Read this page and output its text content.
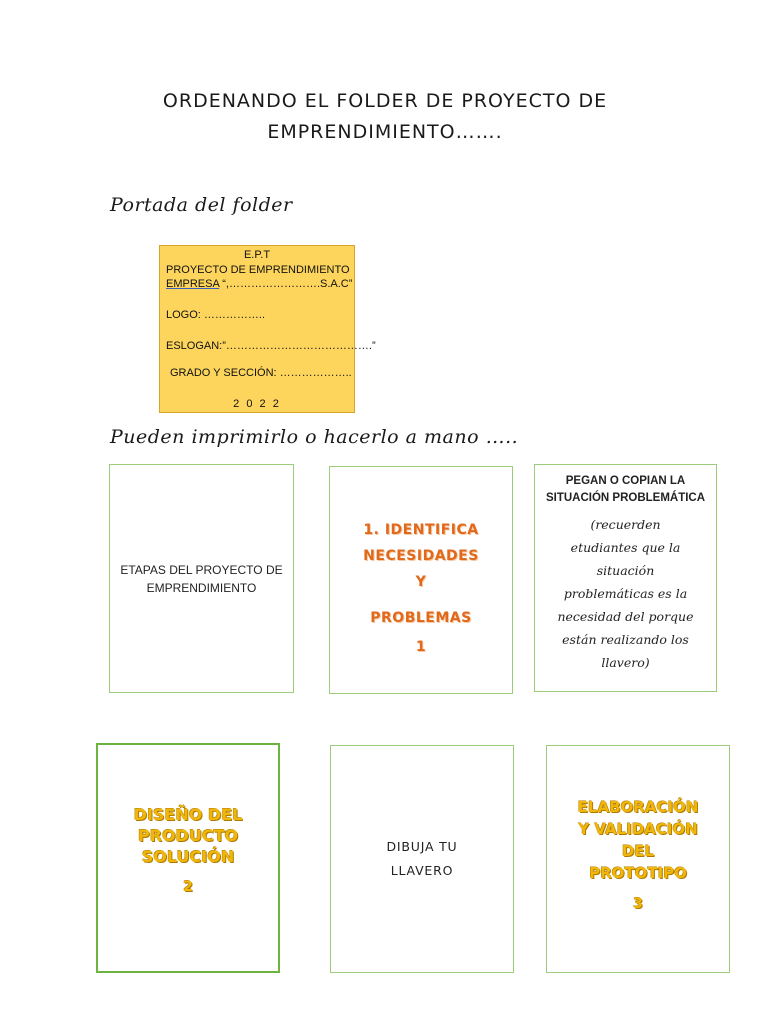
ORDENANDO EL FOLDER DE PROYECTO DE
EMPRENDIMIENTO…….
Portada del folder
E.P.T
PROYECTO DE EMPRENDIMIENTO
EMPRESA “,…………………….S.A.C”
LOGO: ……………..
ESLOGAN:”………………………………….”
GRADO Y SECCIÓN: ………………..
2 0 2 2
Pueden imprimirlo o hacerlo a mano …..
ETAPAS DEL PROYECTO DE
EMPRENDIMIENTO
1. IDENTIFICA
NECESIDADES
Y
PROBLEMAS
1
PEGAN O COPIAN LA
SITUACIÓN PROBLEMÁTICA
(recuerden
etudiantes que la
situación
problemáticas es la
necesidad del porque
están realizando los
llavero)
DISEÑO DEL
PRODUCTO
SOLUCIÓN
2
DIBUJA TU
LLAVERO
ELABORACIÓN
Y VALIDACIÓN
DEL
PROTOTIPO
3
